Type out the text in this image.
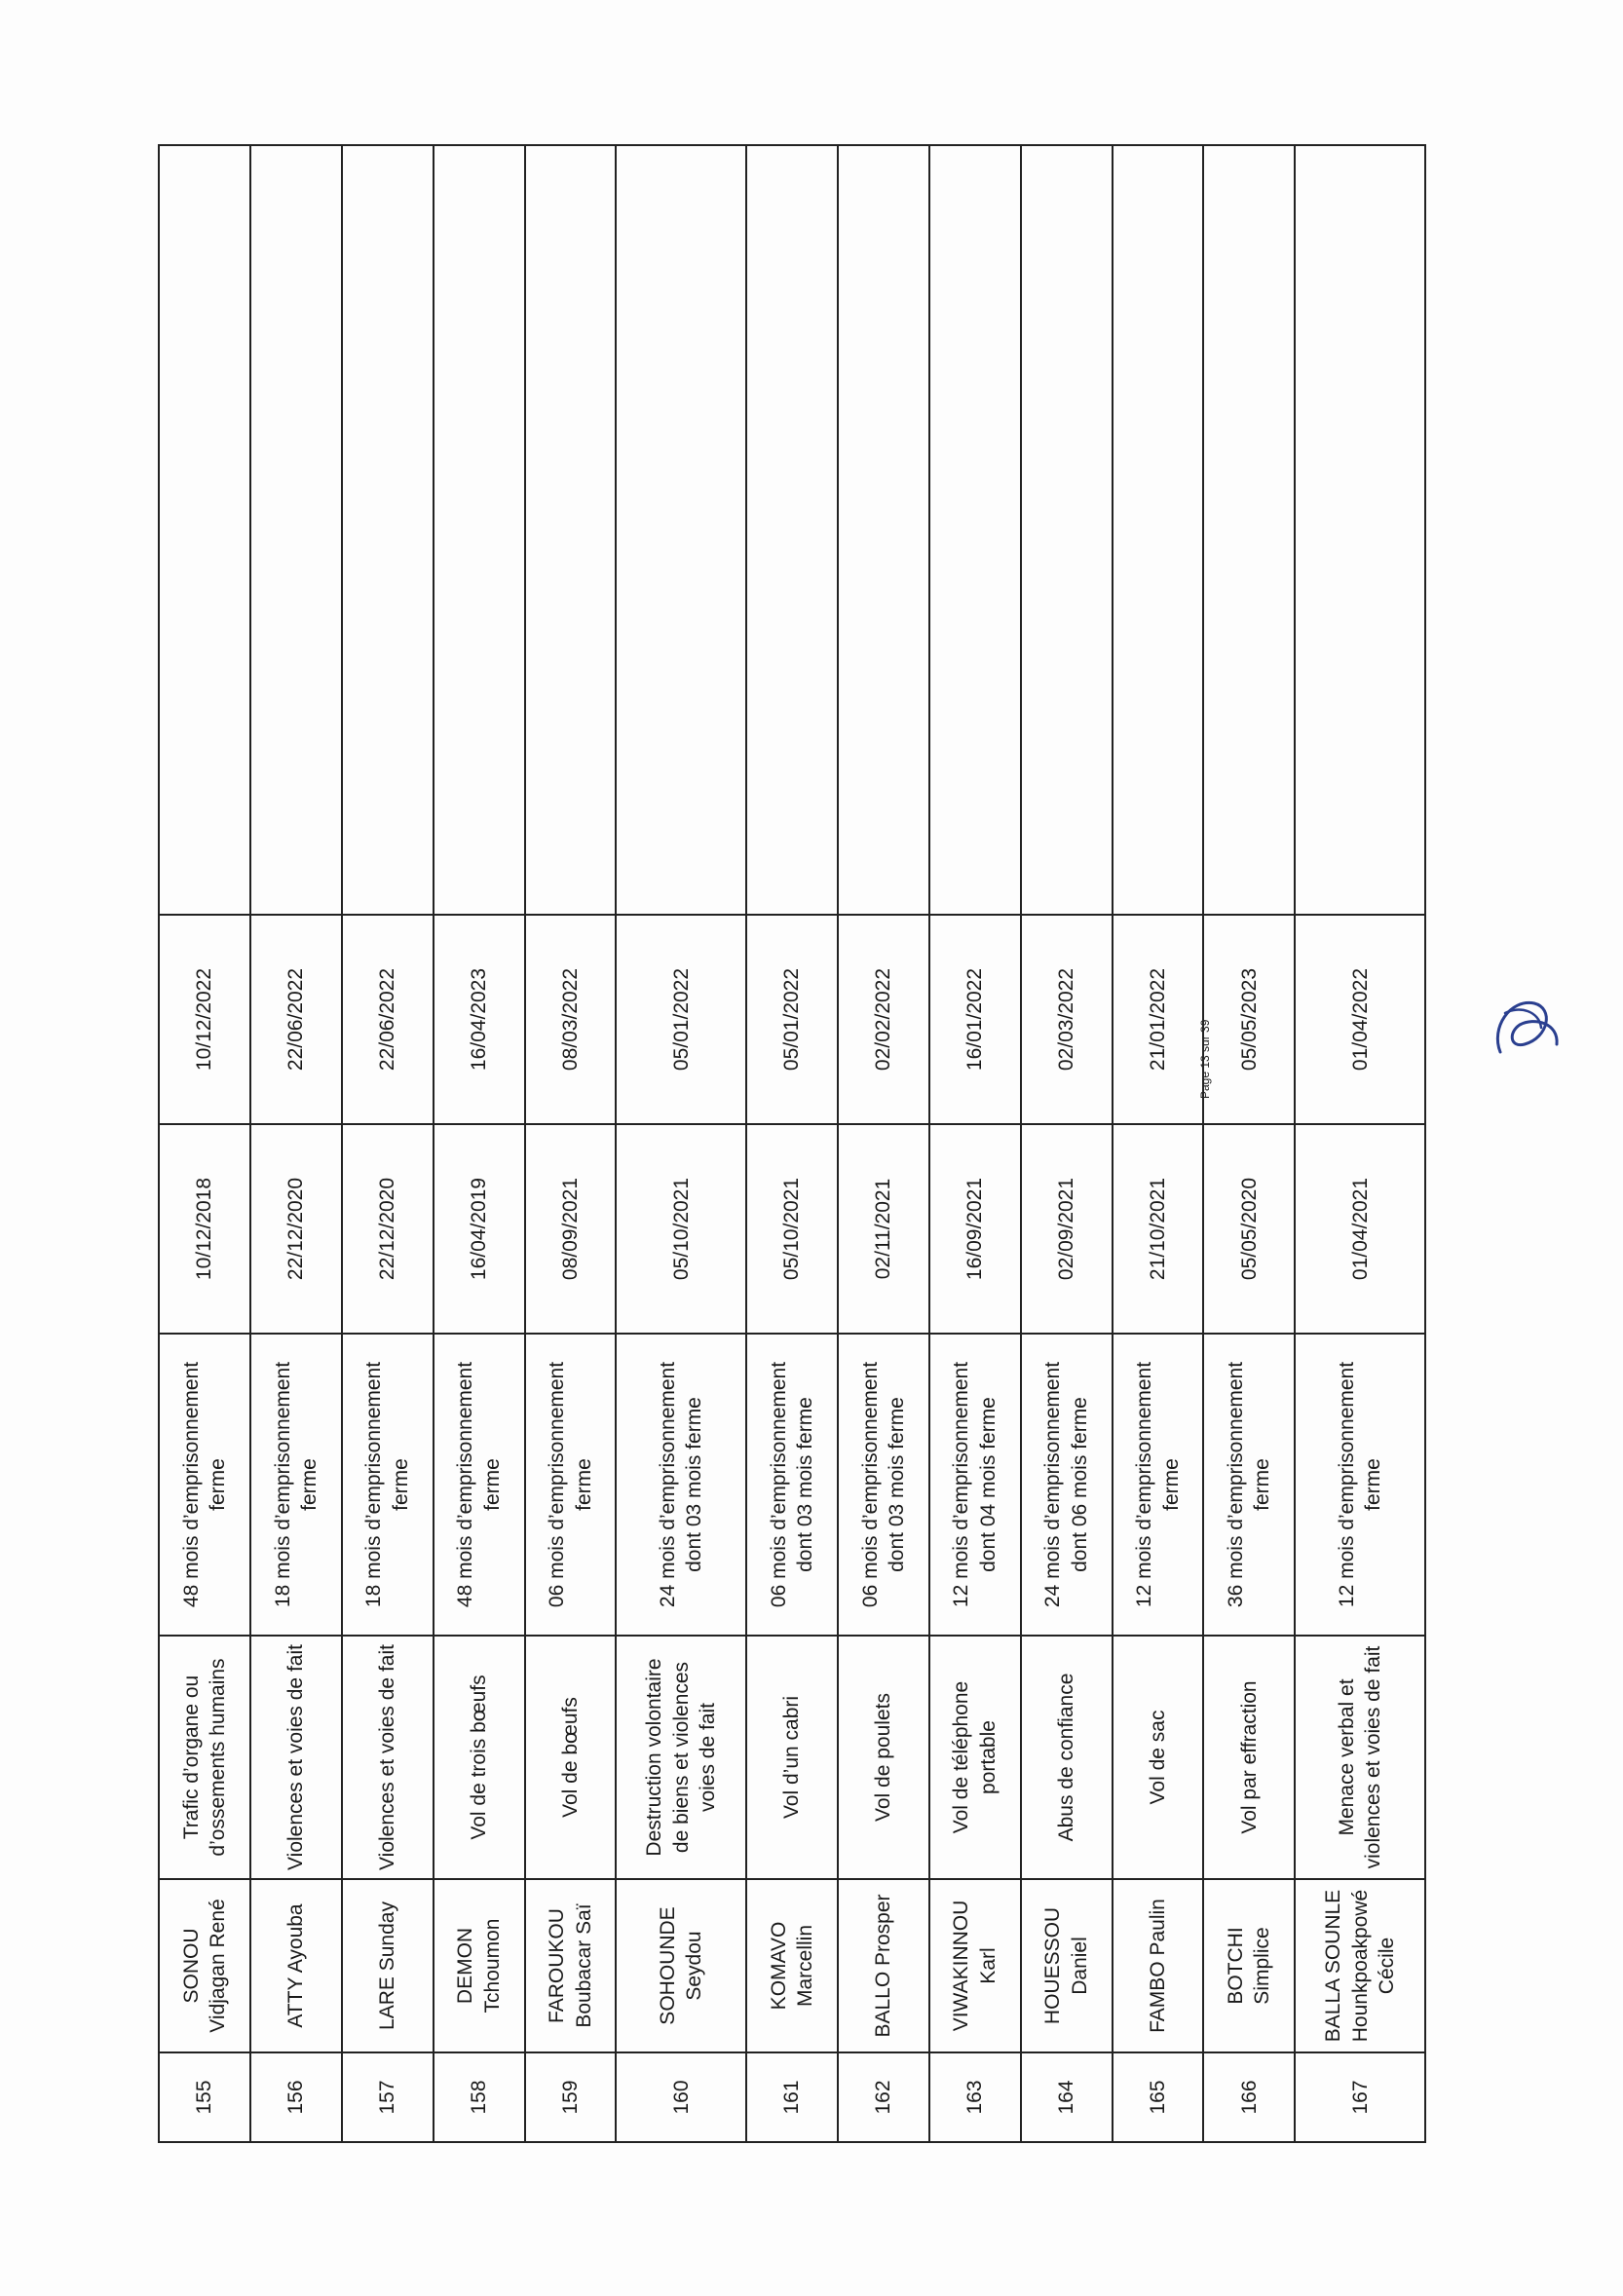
155	SONOU Vidjagan René	Trafic d’organe ou d’ossements humains	48 mois d’emprisonnement ferme	10/12/2018	10/12/2022	
156	ATTY Ayouba	Violences et voies de fait	18 mois d’emprisonnement ferme	22/12/2020	22/06/2022	
157	LARE Sunday	Violences et voies de fait	18 mois d’emprisonnement ferme	22/12/2020	22/06/2022	
158	DEMON Tchoumon	Vol de trois bœufs	48 mois d’emprisonnement ferme	16/04/2019	16/04/2023	
159	FAROUKOU Boubacar Saï	Vol de bœufs	06 mois d’emprisonnement ferme	08/09/2021	08/03/2022	
160	SOHOUNDE Seydou	Destruction volontaire de biens et violences voies de fait	24 mois d’emprisonnement dont 03 mois ferme	05/10/2021	05/01/2022	
161	KOMAVO Marcellin	Vol d’un cabri	06 mois d’emprisonnement dont 03 mois ferme	05/10/2021	05/01/2022	
162	BALLO Prosper	Vol de poulets	06 mois d’emprisonnement dont 03 mois ferme	02/11/2021	02/02/2022	
163	VIWAKINNOU Karl	Vol de téléphone portable	12 mois d’emprisonnement dont 04 mois ferme	16/09/2021	16/01/2022	
164	HOUESSOU Daniel	Abus de confiance	24 mois d’emprisonnement dont 06 mois ferme	02/09/2021	02/03/2022	
165	FAMBO Paulin	Vol de sac	12 mois d’emprisonnement ferme	21/10/2021	21/01/2022	
166	BOTCHI Simplice	Vol par effraction	36 mois d’emprisonnement ferme	05/05/2020	05/05/2023	
167	BALLA SOUNLE Hounkpoakpowé Cécile	Menace verbal et violences et voies de fait	12 mois d’emprisonnement ferme	01/04/2021	01/04/2022	
Page 13 sur 39
